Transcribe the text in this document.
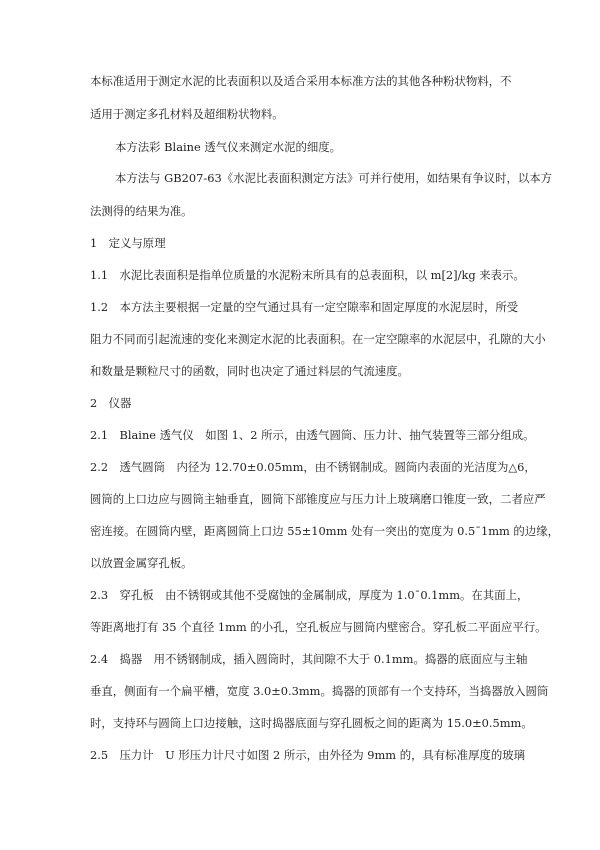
本标准适用于测定水泥的比表面积以及适合采用本标准方法的其他各种粉状物料，不
适用于测定多孔材料及超细粉状物料。
本方法彩 Blaine 透气仪来测定水泥的细度。
本方法与 GB207-63《水泥比表面积测定方法》可并行使用，如结果有争议时，以本方
法测得的结果为准。
1　定义与原理
1.1　水泥比表面积是指单位质量的水泥粉末所具有的总表面积，以 m[2]/kg 来表示。
1.2　本方法主要根据一定量的空气通过具有一定空隙率和固定厚度的水泥层时，所受
阻力不同而引起流速的变化来测定水泥的比表面积。在一定空隙率的水泥层中，孔隙的大小
和数量是颗粒尺寸的函数，同时也决定了通过料层的气流速度。
2　仪器
2.1　Blaine 透气仪　如图 1、2 所示，由透气圆筒、压力计、抽气装置等三部分组成。
2.2　透气圆筒　内径为 12.70±0.05mm，由不锈钢制成。圆筒内表面的光洁度为△6，
圆筒的上口边应与圆筒主轴垂直，圆筒下部锥度应与压力计上玻璃磨口锥度一致，二者应严
密连接。在圆筒内壁，距离圆筒上口边 55±10mm 处有一突出的宽度为 0.5¯1mm 的边缘，
以放置金属穿孔板。
2.3　穿孔板　由不锈钢或其他不受腐蚀的金属制成，厚度为 1.0¯0.1mm。在其面上，
等距离地打有 35 个直径 1mm 的小孔，空孔板应与圆筒内壁密合。穿孔板二平面应平行。
2.4　捣器　用不锈钢制成，插入圆筒时，其间隙不大于 0.1mm。捣器的底面应与主轴
垂直，侧面有一个扁平槽，宽度 3.0±0.3mm。捣器的顶部有一个支持环，当捣器放入圆筒
时，支持环与圆筒上口边接触，这时捣器底面与穿孔圆板之间的距离为 15.0±0.5mm。
2.5　压力计　U 形压力计尺寸如图 2 所示，由外径为 9mm 的，具有标准厚度的玻璃
